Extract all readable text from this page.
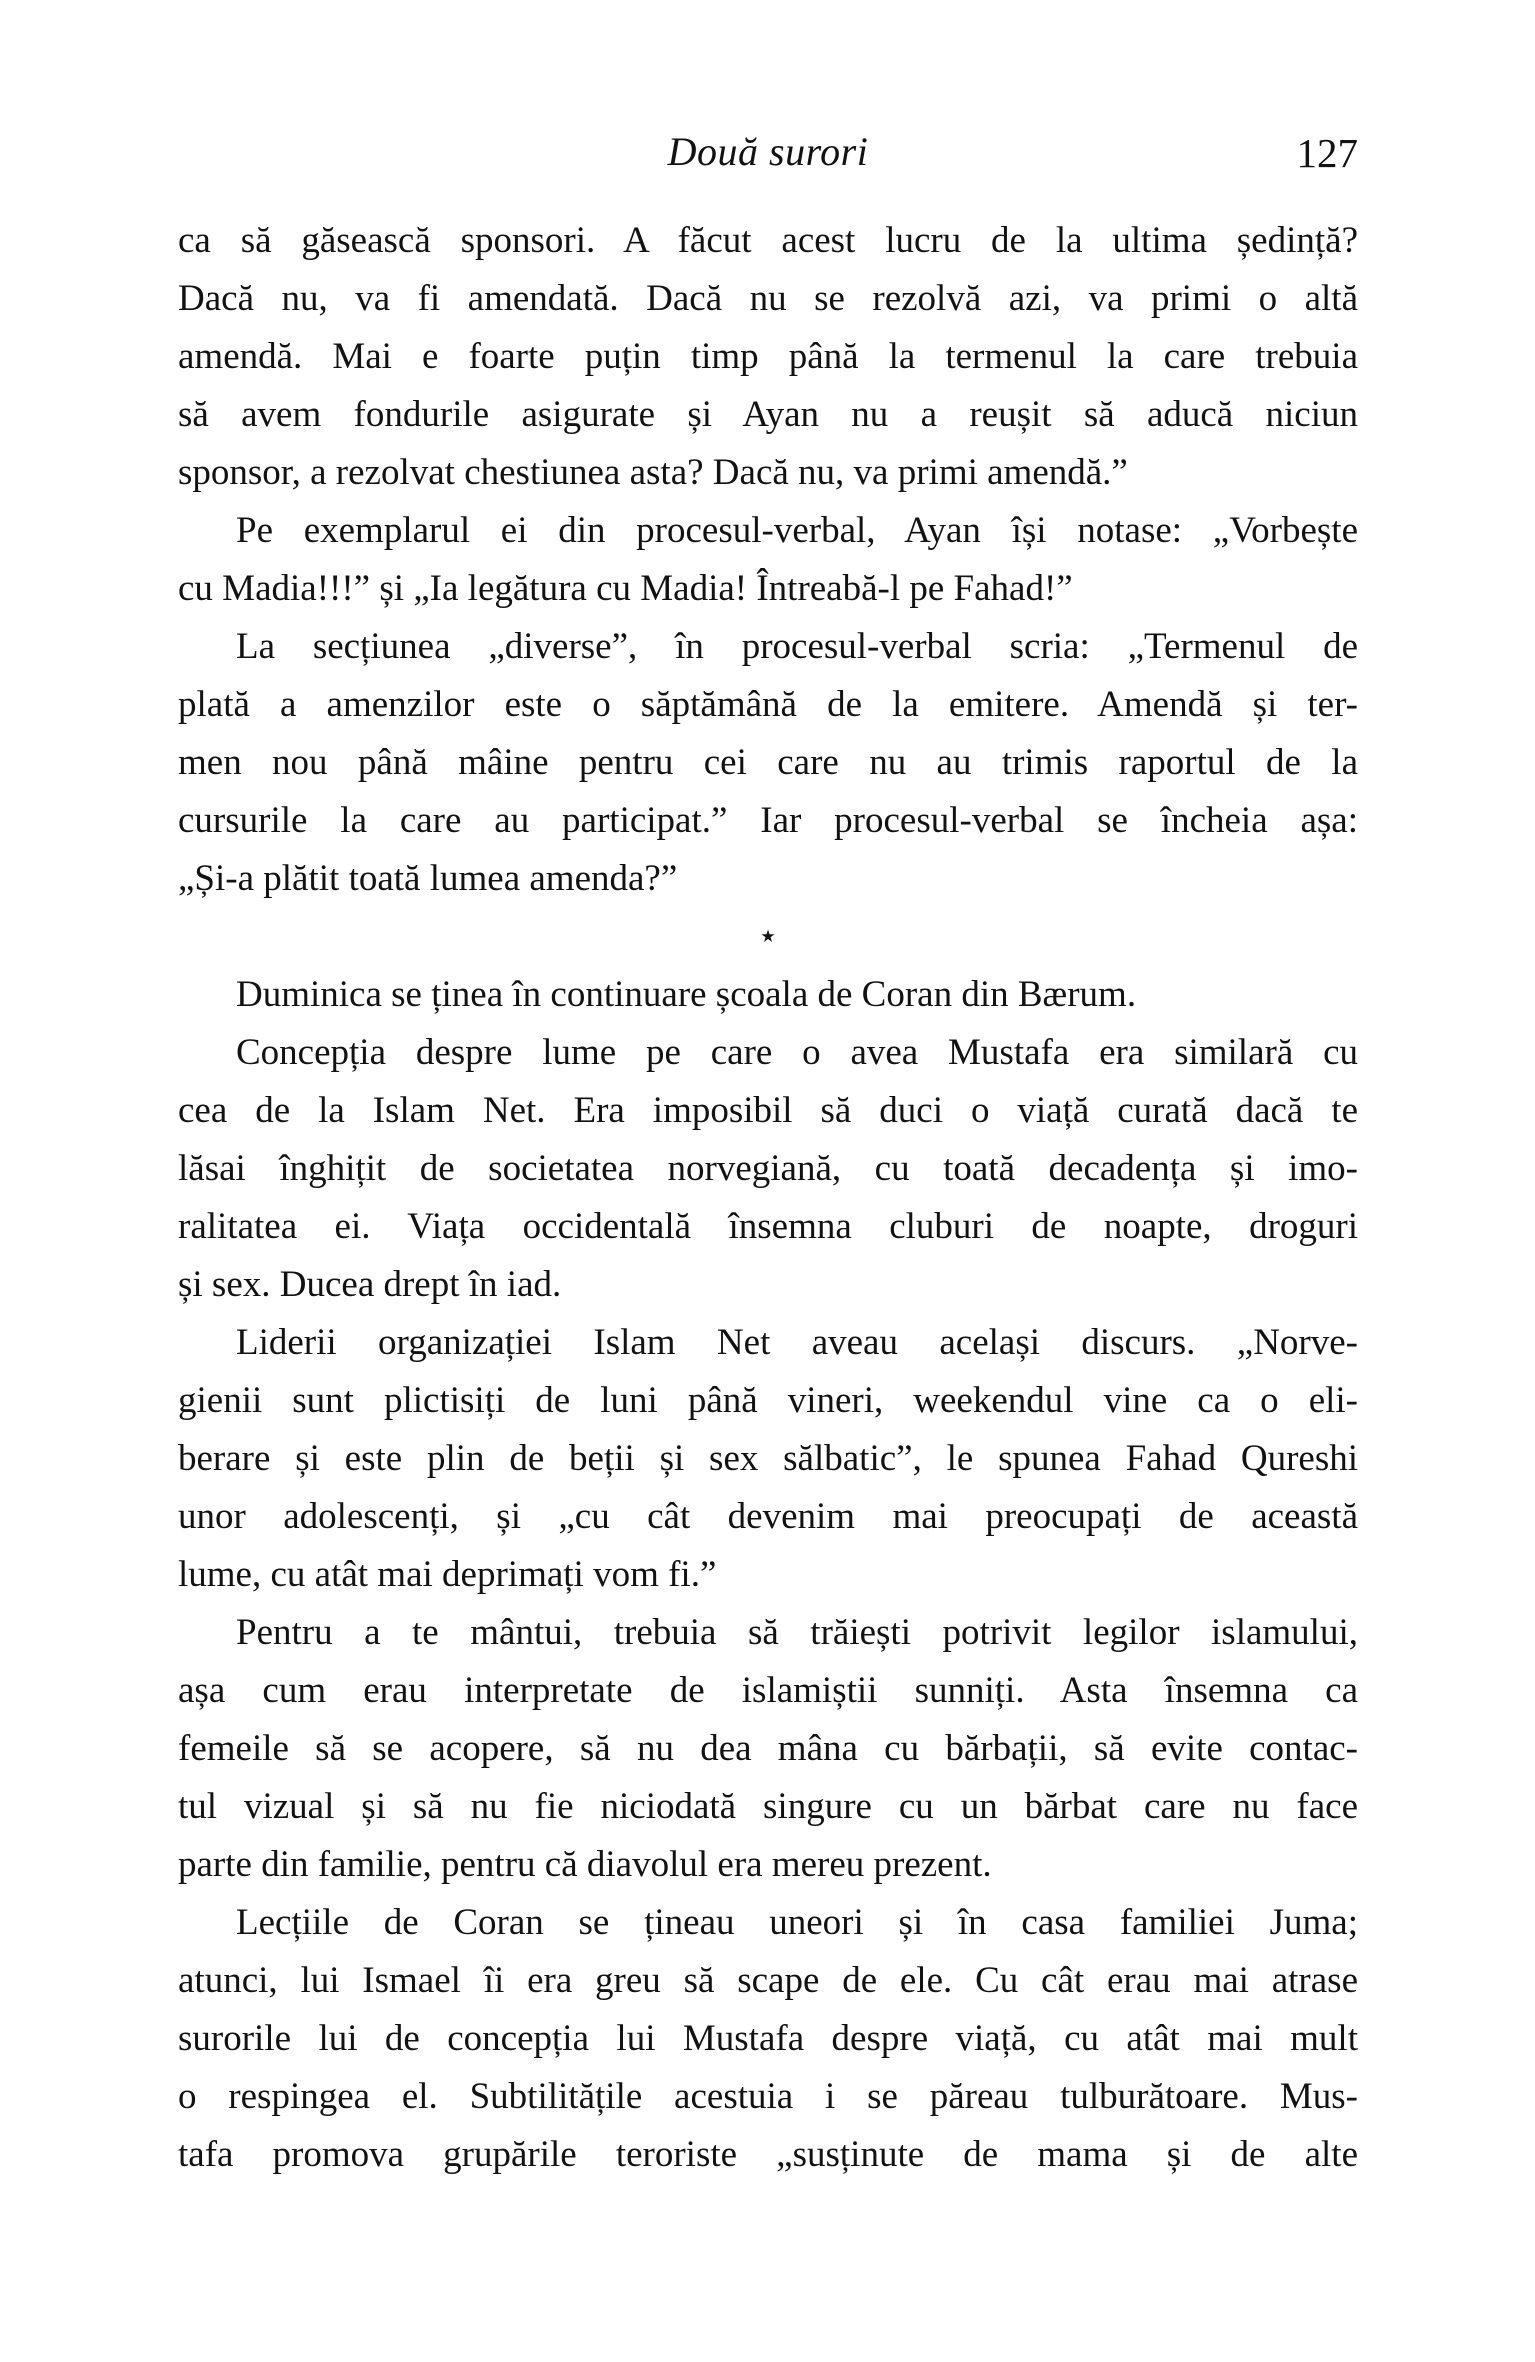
Două surori	127
ca să găsească sponsori. A făcut acest lucru de la ultima ședință?
Dacă nu, va fi amendată. Dacă nu se rezolvă azi, va primi o altă
amendă. Mai e foarte puțin timp până la termenul la care trebuia
să avem fondurile asigurate și Ayan nu a reușit să aducă niciun
sponsor, a rezolvat chestiunea asta? Dacă nu, va primi amendă.”
Pe exemplarul ei din procesul-verbal, Ayan își notase: „Vorbește
cu Madia!!!” și „Ia legătura cu Madia! Întreabă-l pe Fahad!”
La secțiunea „diverse”, în procesul-verbal scria: „Termenul de
plată a amenzilor este o săptămână de la emitere. Amendă și ter-
men nou până mâine pentru cei care nu au trimis raportul de la
cursurile la care au participat.” Iar procesul-verbal se încheia așa:
„Și-a plătit toată lumea amenda?”
⋆
Duminica se ținea în continuare școala de Coran din Bærum.
Concepția despre lume pe care o avea Mustafa era similară cu
cea de la Islam Net. Era imposibil să duci o viață curată dacă te
lăsai înghițit de societatea norvegiană, cu toată decadența și imo-
ralitatea ei. Viața occidentală însemna cluburi de noapte, droguri
și sex. Ducea drept în iad.
Liderii organizației Islam Net aveau același discurs. „Norve-
gienii sunt plictisiți de luni până vineri, weekendul vine ca o eli-
berare și este plin de beții și sex sălbatic”, le spunea Fahad Qureshi
unor adolescenți, și „cu cât devenim mai preocupați de această
lume, cu atât mai deprimați vom fi.”
Pentru a te mântui, trebuia să trăiești potrivit legilor islamului,
așa cum erau interpretate de islamiștii sunniți. Asta însemna ca
femeile să se acopere, să nu dea mâna cu bărbații, să evite contac-
tul vizual și să nu fie niciodată singure cu un bărbat care nu face
parte din familie, pentru că diavolul era mereu prezent.
Lecțiile de Coran se țineau uneori și în casa familiei Juma;
atunci, lui Ismael îi era greu să scape de ele. Cu cât erau mai atrase
surorile lui de concepția lui Mustafa despre viață, cu atât mai mult
o respingea el. Subtilitățile acestuia i se păreau tulburătoare. Mus-
tafa promova grupările teroriste „susținute de mama și de alte
